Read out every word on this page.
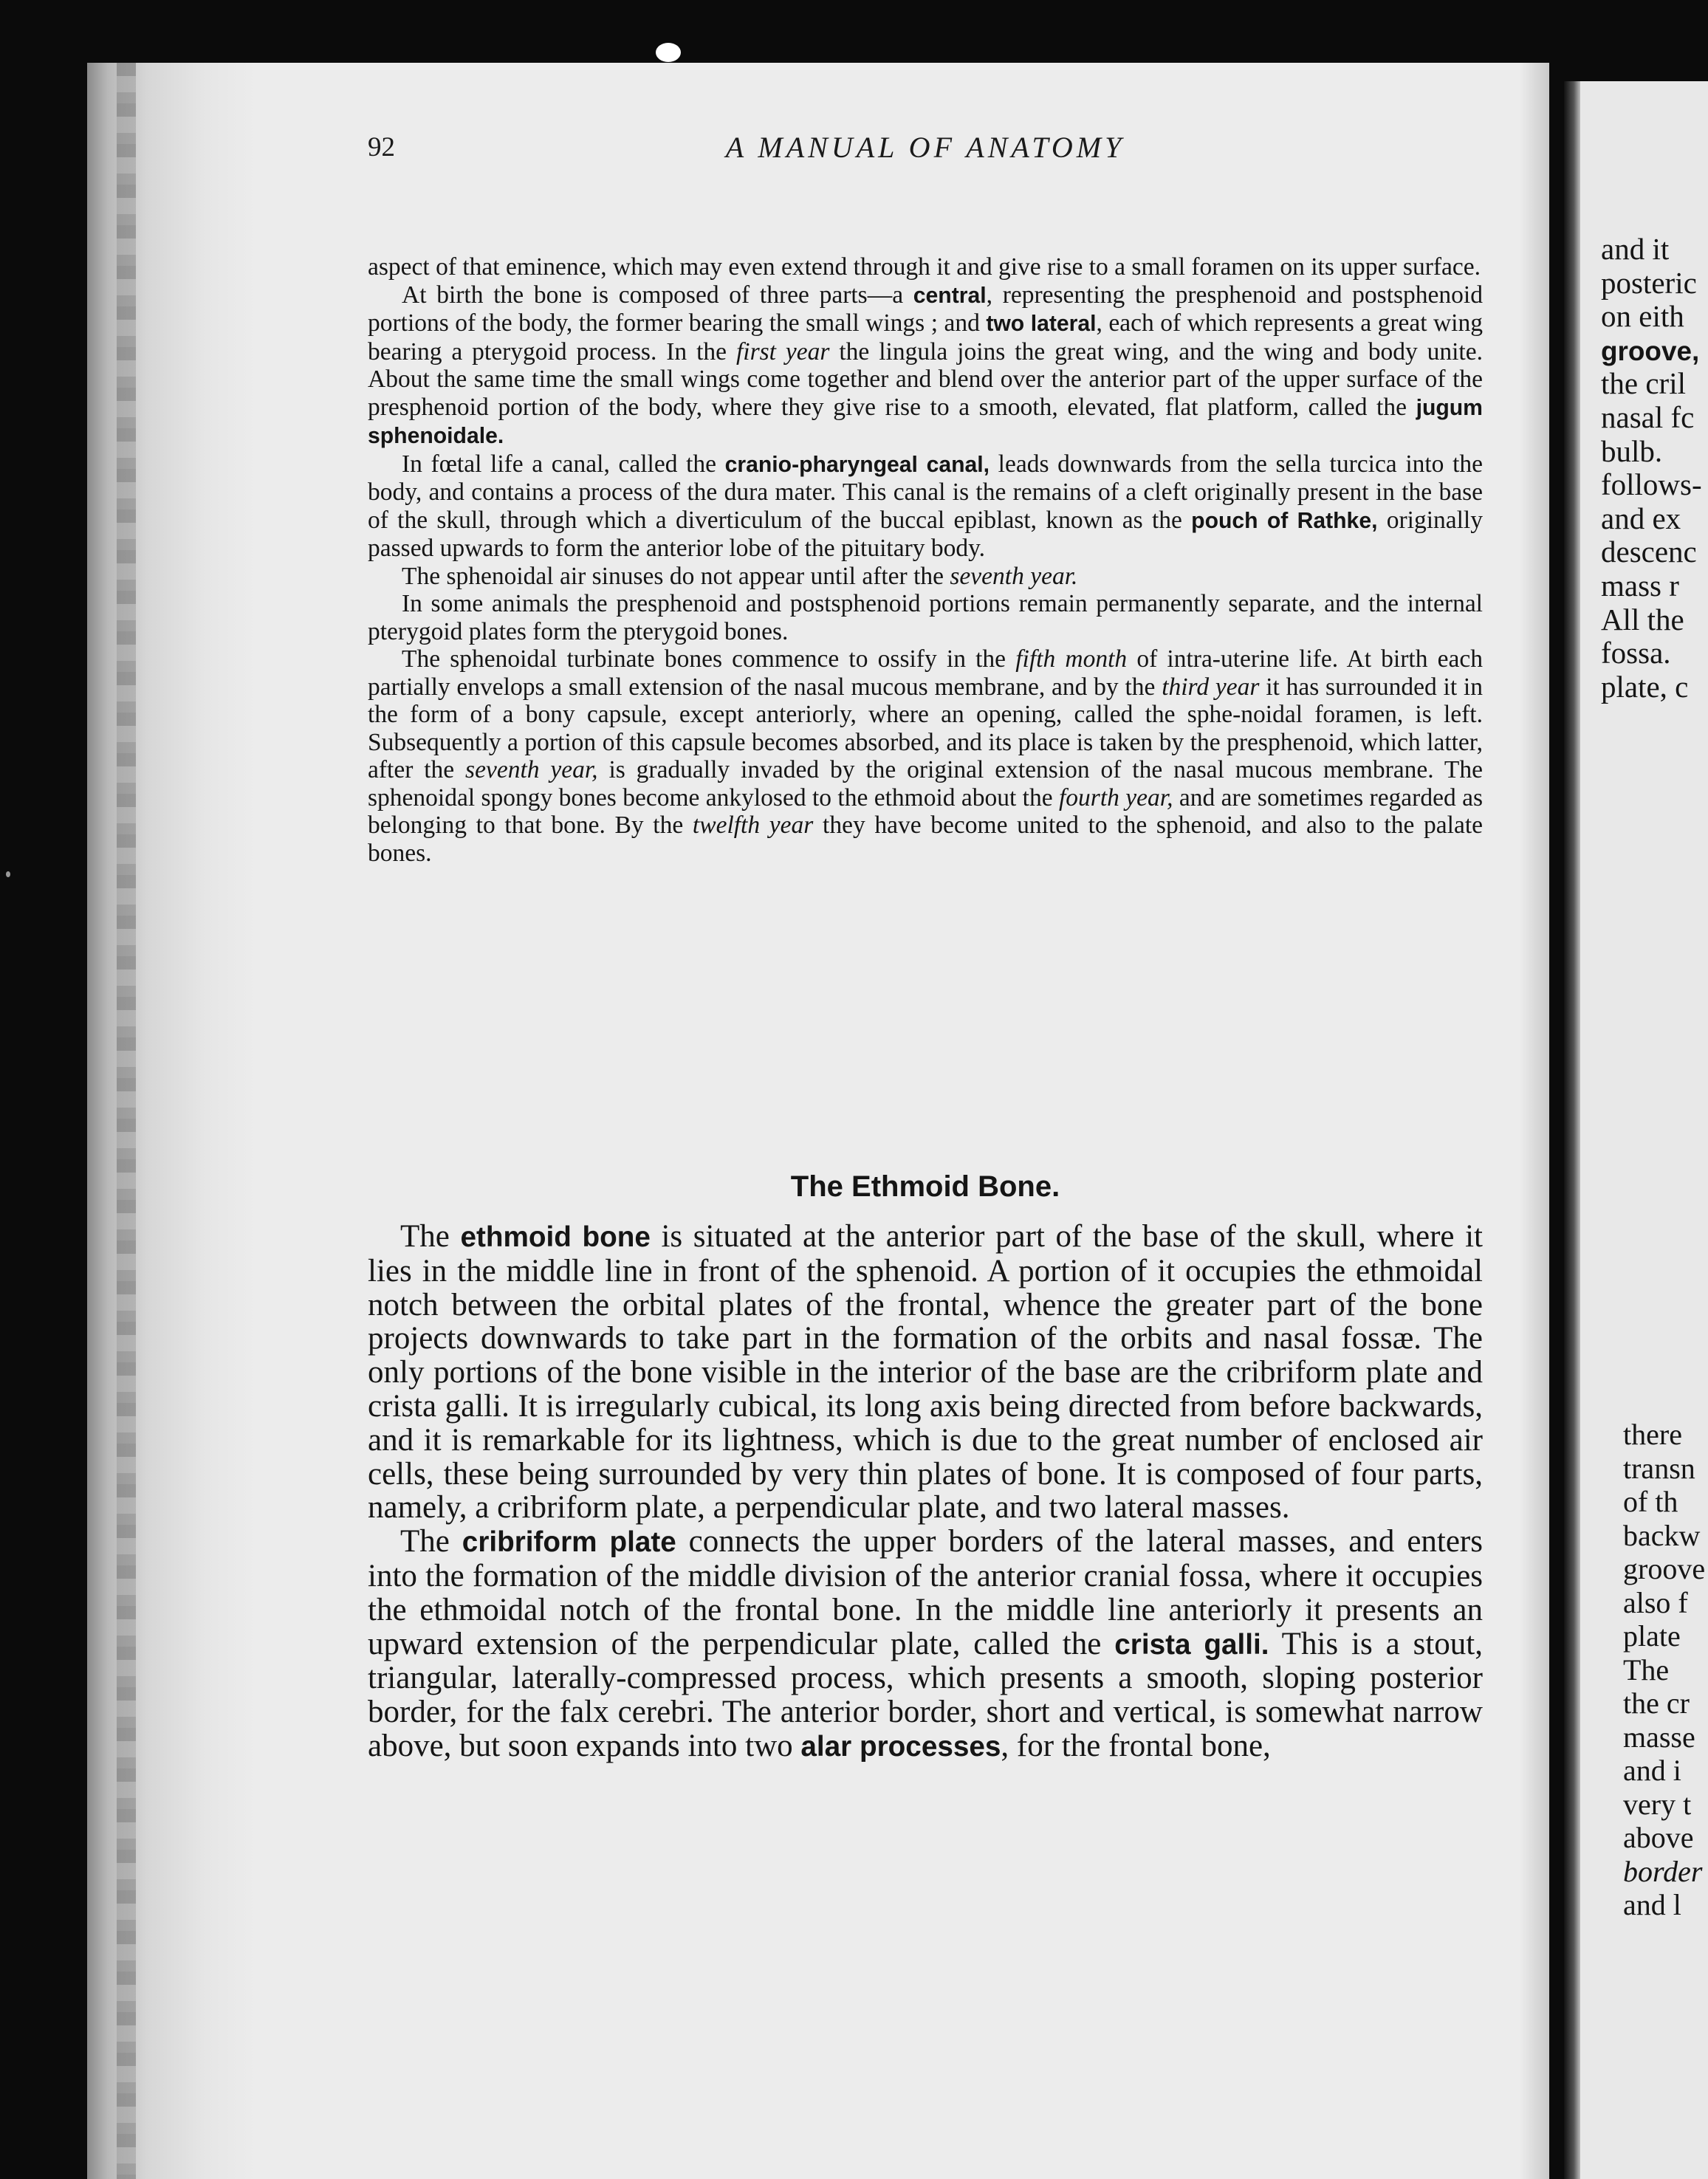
92	A MANUAL OF ANATOMY

aspect of that eminence, which may even extend through it and give rise to a small foramen on its upper surface.

At birth the bone is composed of three parts—a central, representing the presphenoid and postsphenoid portions of the body, the former bearing the small wings ; and two lateral, each of which represents a great wing bearing a pterygoid process. In the first year the lingula joins the great wing, and the wing and body unite. About the same time the small wings come together and blend over the anterior part of the upper surface of the presphenoid portion of the body, where they give rise to a smooth, elevated, flat platform, called the jugum sphenoidale.

In fœtal life a canal, called the cranio-pharyngeal canal, leads downwards from the sella turcica into the body, and contains a process of the dura mater. This canal is the remains of a cleft originally present in the base of the skull, through which a diverticulum of the buccal epiblast, known as the pouch of Rathke, originally passed upwards to form the anterior lobe of the pituitary body.

The sphenoidal air sinuses do not appear until after the seventh year.

In some animals the presphenoid and postsphenoid portions remain permanently separate, and the internal pterygoid plates form the pterygoid bones.

The sphenoidal turbinate bones commence to ossify in the fifth month of intra-uterine life. At birth each partially envelops a small extension of the nasal mucous membrane, and by the third year it has surrounded it in the form of a bony capsule, except anteriorly, where an opening, called the sphe-noidal foramen, is left. Subsequently a portion of this capsule becomes absorbed, and its place is taken by the presphenoid, which latter, after the seventh year, is gradually invaded by the original extension of the nasal mucous membrane. The sphenoidal spongy bones become ankylosed to the ethmoid about the fourth year, and are sometimes regarded as belonging to that bone. By the twelfth year they have become united to the sphenoid, and also to the palate bones.

The Ethmoid Bone.

The ethmoid bone is situated at the anterior part of the base of the skull, where it lies in the middle line in front of the sphenoid. A portion of it occupies the ethmoidal notch between the orbital plates of the frontal, whence the greater part of the bone projects downwards to take part in the formation of the orbits and nasal fossæ. The only portions of the bone visible in the interior of the base are the cribriform plate and crista galli. It is irregularly cubical, its long axis being directed from before backwards, and it is remarkable for its lightness, which is due to the great number of enclosed air cells, these being surrounded by very thin plates of bone. It is composed of four parts, namely, a cribriform plate, a perpendicular plate, and two lateral masses.

The cribriform plate connects the upper borders of the lateral masses, and enters into the formation of the middle division of the anterior cranial fossa, where it occupies the ethmoidal notch of the frontal bone. In the middle line anteriorly it presents an upward extension of the perpendicular plate, called the crista galli. This is a stout, triangular, laterally-compressed process, which presents a smooth, sloping posterior border, for the falx cerebri. The anterior border, short and vertical, is somewhat narrow above, but soon expands into two alar processes, for the frontal bone,

and it
posteric
on eith
groove,
the cril
nasal fc
bulb.
follows-
and ex
descenc
mass r
All the
fossa.
plate, c
there
transn
of th
backw
groove
also f
plate
The
the cr
masse
and i
very t
above
border
and l
